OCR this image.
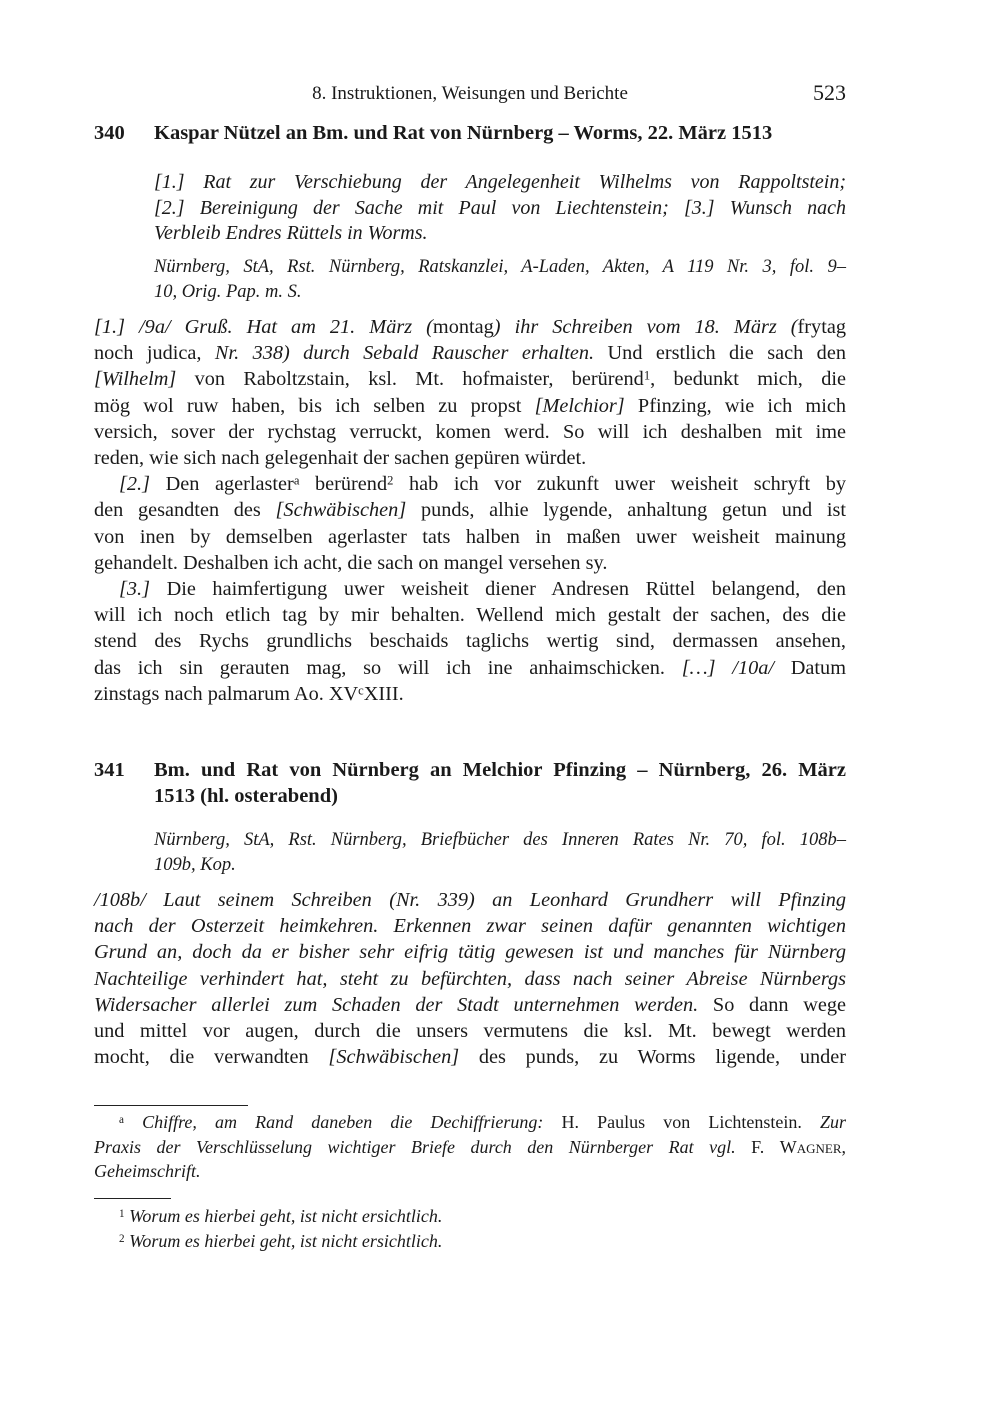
8. Instruktionen, Weisungen und Berichte	523
340 Kaspar Nützel an Bm. und Rat von Nürnberg – Worms, 22. März 1513
[1.] Rat zur Verschiebung der Angelegenheit Wilhelms von Rappoltstein;
[2.] Bereinigung der Sache mit Paul von Liechtenstein; [3.] Wunsch nach
Verbleib Endres Rüttels in Worms.
Nürnberg, StA, Rst. Nürnberg, Ratskanzlei, A-Laden, Akten, A 119 Nr. 3, fol. 9–
10, Orig. Pap. m. S.
[1.] /9a/ Gruß. Hat am 21. März (montag) ihr Schreiben vom 18. März (frytag
noch judica, Nr. 338) durch Sebald Rauscher erhalten. Und erstlich die sach den
[Wilhelm] von Raboltzstain, ksl. Mt. hofmaister, berürend$^1$, bedunkt mich, die
mög wol ruw haben, bis ich selben zu propst [Melchior] Pfinzing, wie ich mich
versich, sover der rychstag verruckt, komen werd. So will ich deshalben mit ime
reden, wie sich nach gelegenhait der sachen gepüren würdet.
[2.] Den agerlaster$^a$ berürend$^2$ hab ich vor zukunft uwer weisheit schryft by
den gesandten des [Schwäbischen] punds, alhie lygende, anhaltung getun und ist
von inen by demselben agerlaster tats halben in maßen uwer weisheit mainung
gehandelt. Deshalben ich acht, die sach on mangel versehen sy.
[3.] Die haimfertigung uwer weisheit diener Andresen Rüttel belangend, den
will ich noch etlich tag by mir behalten. Wellend mich gestalt der sachen, des die
stend des Rychs grundlichs beschaids taglichs wertig sind, dermassen ansehen,
das ich sin gerauten mag, so will ich ine anhaimschicken. […] /10a/ Datum
zinstags nach palmarum Ao. $XV^cXIII$.
341 Bm. und Rat von Nürnberg an Melchior Pfinzing – Nürnberg, 26. März
1513 (hl. osterabend)
Nürnberg, StA, Rst. Nürnberg, Briefbücher des Inneren Rates Nr. 70, fol. 108b–
109b, Kop.
/108b/ Laut seinem Schreiben (Nr. 339) an Leonhard Grundherr will Pfinzing
nach der Osterzeit heimkehren. Erkennen zwar seinen dafür genannten wichtigen
Grund an, doch da er bisher sehr eifrig tätig gewesen ist und manches für Nürnberg
Nachteilige verhindert hat, steht zu befürchten, dass nach seiner Abreise Nürnbergs
Widersacher allerlei zum Schaden der Stadt unternehmen werden. So dann wege
und mittel vor augen, durch die unsers vermutens die ksl. Mt. bewegt werden
mocht, die verwandten [Schwäbischen] des punds, zu Worms ligende, under
$^a$ Chiffre, am Rand daneben die Dechiffrierung: H. Paulus von Lichtenstein. Zur
Praxis der Verschlüsselung wichtiger Briefe durch den Nürnberger Rat vgl. F. Wagner,
Geheimschrift.
$^1$ Worum es hierbei geht, ist nicht ersichtlich.
$^2$ Worum es hierbei geht, ist nicht ersichtlich.
